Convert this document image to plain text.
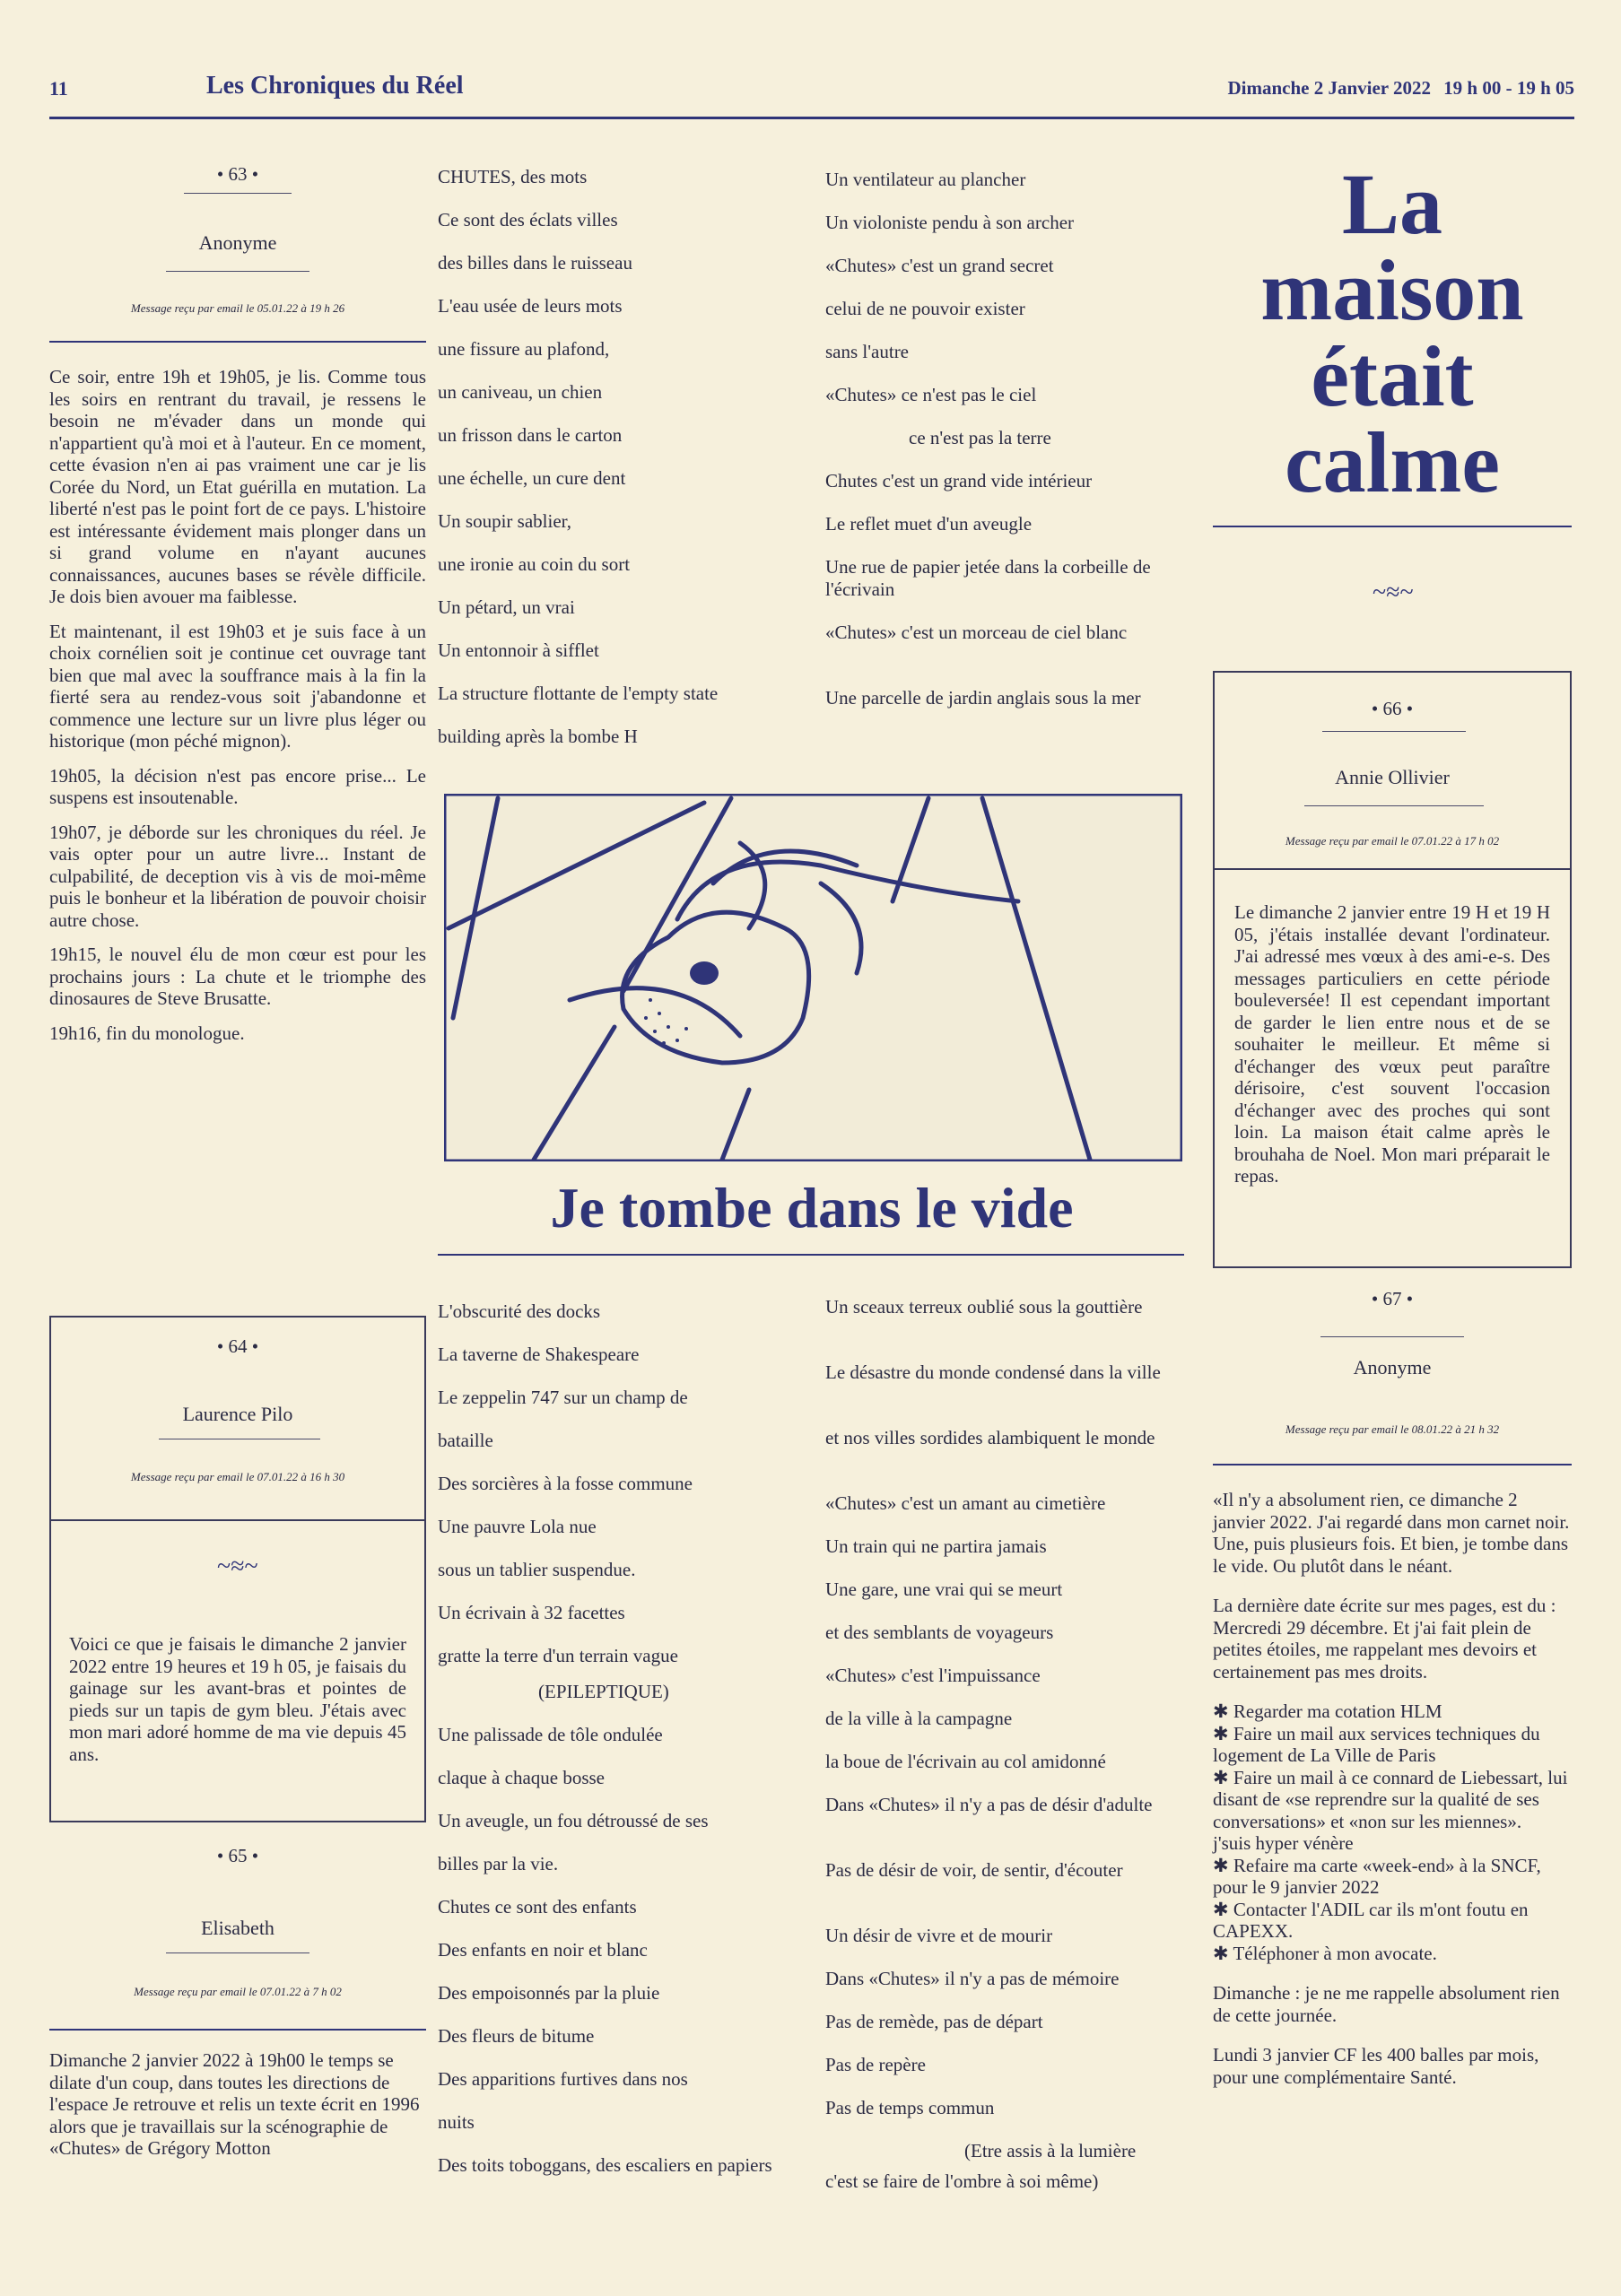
11	Les Chroniques du Réel	Dimanche 2 Janvier 2022 19 h 00 - 19 h 05
• 63 •
Anonyme
Message reçu par email le 05.01.22 à 19 h 26

Ce soir, entre 19h et 19h05, je lis. Comme tous les soirs en rentrant du travail, je ressens le besoin ne m'évader dans un monde qui n'appartient qu'à moi et à l'auteur. En ce moment, cette évasion n'en ai pas vraiment une car je lis Corée du Nord, un Etat guérilla en mutation. La liberté n'est pas le point fort de ce pays. L'histoire est intéressante évidement mais plonger dans un si grand volume en n'ayant aucunes connaissances, aucunes bases se révèle difficile. Je dois bien avouer ma faiblesse.

Et maintenant, il est 19h03 et je suis face à un choix cornélien soit je continue cet ouvrage tant bien que mal avec la souffrance mais à la fin la fierté sera au rendez-vous soit j'abandonne et commence une lecture sur un livre plus léger ou historique (mon péché mignon).

19h05, la décision n'est pas encore prise... Le suspens est insoutenable.

19h07, je déborde sur les chroniques du réel. Je vais opter pour un autre livre... Instant de culpabilité, de deception vis à vis de moi-même puis le bonheur et la libération de pouvoir choisir autre chose.

19h15, le nouvel élu de mon cœur est pour les prochains jours : La chute et le triomphe des dinosaures de Steve Brusatte.

19h16, fin du monologue.

• 64 •
Laurence Pilo
Message reçu par email le 07.01.22 à 16 h 30
~≈~
Voici ce que je faisais le dimanche 2 janvier 2022 entre 19 heures et 19 h 05, je faisais du gainage sur les avant-bras et pointes de pieds sur un tapis de gym bleu. J'étais avec mon mari adoré homme de ma vie depuis 45 ans.
• 65 •
Elisabeth
Message reçu par email le 07.01.22 à 7 h 02
Dimanche 2 janvier 2022 à 19h00 le temps se dilate d'un coup, dans toutes les directions de l'espace Je retrouve et relis un texte écrit en 1996 alors que je travaillais sur la scénographie de «Chutes» de Grégory Motton
CHUTES, des mots
Ce sont des éclats villes
des billes dans le ruisseau
L'eau usée de leurs mots
une fissure au plafond,
un caniveau, un chien
un frisson dans le carton
une échelle, un cure dent
Un soupir sablier,
une ironie au coin du sort
Un pétard, un vrai
Un entonnoir à sifflet
La structure flottante de l'empty state
building après la bombe H
Un ventilateur au plancher
Un violoniste pendu à son archer
«Chutes» c'est un grand secret
celui de ne pouvoir exister
sans l'autre
«Chutes» ce n'est pas le ciel
ce n'est pas la terre
Chutes c'est un grand vide intérieur
Le reflet muet d'un aveugle
Une rue de papier jetée dans la corbeille de l'écrivain
«Chutes» c'est un morceau de ciel blanc
Une parcelle de jardin anglais sous la mer
Je tombe dans le vide
L'obscurité des docks
La taverne de Shakespeare
Le zeppelin 747 sur un champ de
bataille
Des sorcières à la fosse commune
Une pauvre Lola nue
sous un tablier suspendue.
Un écrivain à 32 facettes
gratte la terre d'un terrain vague
(EPILEPTIQUE)
Une palissade de tôle ondulée
claque à chaque bosse
Un aveugle, un fou détroussé de ses
billes par la vie.
Chutes ce sont des enfants
Des enfants en noir et blanc
Des empoisonnés par la pluie
Des fleurs de bitume
Des apparitions furtives dans nos
nuits
Des toits toboggans, des escaliers en papiers
Un sceaux terreux oublié sous la gouttière
Le désastre du monde condensé dans la ville
et nos villes sordides alambiquent le monde
«Chutes» c'est un amant au cimetière
Un train qui ne partira jamais
Une gare, une vrai qui se meurt
et des semblants de voyageurs
«Chutes» c'est l'impuissance
de la ville à la campagne
la boue de l'écrivain au col amidonné
Dans «Chutes» il n'y a pas de désir d'adulte
Pas de désir de voir, de sentir, d'écouter
Un désir de vivre et de mourir
Dans «Chutes» il n'y a pas de mémoire
Pas de remède, pas de départ
Pas de repère
Pas de temps commun
(Etre assis à la lumière
c'est se faire de l'ombre à soi même)
La maison était calme
~≈~
• 66 •
Annie Ollivier
Message reçu par email le 07.01.22 à 17 h 02
Le dimanche 2 janvier entre 19 H et 19 H 05, j'étais installée devant l'ordinateur. J'ai adressé mes vœux à des ami-e-s. Des messages particuliers en cette période bouleversée! Il est cependant important de garder le lien entre nous et de se souhaiter le meilleur. Et même si d'échanger des vœux peut paraître dérisoire, c'est souvent l'occasion d'échanger avec des proches qui sont loin. La maison était calme après le brouhaha de Noel. Mon mari préparait le repas.
• 67 •
Anonyme
Message reçu par email le 08.01.22 à 21 h 32

«Il n'y a absolument rien, ce dimanche 2 janvier 2022. J'ai regardé dans mon carnet noir. Une, puis plusieurs fois. Et bien, je tombe dans le vide. Ou plutôt dans le néant.

La dernière date écrite sur mes pages, est du : Mercredi 29 décembre. Et j'ai fait plein de petites étoiles, me rappelant mes devoirs et certainement pas mes droits.

✱ Regarder ma cotation HLM
✱ Faire un mail aux services techniques du logement de La Ville de Paris
✱ Faire un mail à ce connard de Liebessart, lui disant de «se reprendre sur la qualité de ses conversations» et «non sur les miennes».
j'suis hyper vénère
✱ Refaire ma carte «week-end» à la SNCF, pour le 9 janvier 2022
✱ Contacter l'ADIL car ils m'ont foutu en CAPEXX.
✱ Téléphoner à mon avocate.

Dimanche : je ne me rappelle absolument rien de cette journée.

Lundi 3 janvier CF les 400 balles par mois, pour une complémentaire Santé.
